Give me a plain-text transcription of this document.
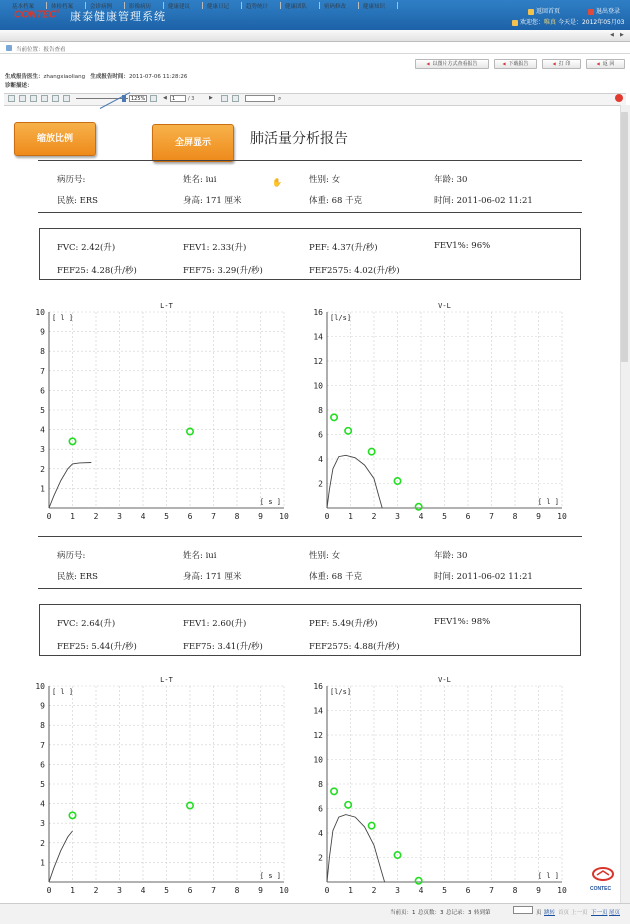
CONTEC® 康泰健康管理系统	返回首页	退出登录
欢迎您：唯真 今天是：2012年05月03
基本档案	体检档案	会诊病例	影像病历	健康建议	健康日记	趋势统计	健康团队	密码修改	健康知识
◀ ▶
当前位置：报告查看
◀ 以图片方式查看报告	◀ 下载报告	◀ 打 印	◀ 返 回
生成报告医生：zhangxiaoliang 生成报告时间：2011-07-06 11:28:26
诊断描述：
125%	◀	1	/ 3	▶	⌕
缩放比例	全屏显示	肺活量分析报告
✋
病历号:	姓名: iui	性别: 女	年龄: 30
民族: ERS	身高: 171 厘米	体重: 68 千克	时间: 2011-06-02 11:21
FVC: 2.42(升)	FEV1: 2.33(升)	PEF: 4.37(升/秒)	FEV1%: 96%
FEF25: 4.28(升/秒)	FEF75: 3.29(升/秒)	FEF2575: 4.02(升/秒)
病历号:	姓名: iui	性别: 女	年龄: 30
民族: ERS	身高: 171 厘米	体重: 68 千克	时间: 2011-06-02 11:21
FVC: 2.64(升)	FEV1: 2.60(升)	PEF: 5.49(升/秒)	FEV1%: 98%
FEF25: 5.44(升/秒)	FEF75: 3.41(升/秒)	FEF2575: 4.88(升/秒)
0 1 2 3 4 5 6 7 8 9 10
1
2
3
4
5
6
7
8
9
10
L-T
[ l ]
[ s ]
0 1 2 3 4 5 6 7 8 9 10
2
4
6
8
10
12
14
16
V-L
[l/s]
[ l ]
0 1 2 3 4 5 6 7 8 9 10
1
2
3
4
5
6
7
8
9
10
L-T
[ l ]
[ s ]
0 1 2 3 4 5 6 7 8 9 10
2
4
6
8
10
12
14
16
V-L
[l/s]
[ l ]
CONTEC
当前页：1 总页数：3 总记录：3 转到第	页 跳转 首页 上一页 下一页 尾页
